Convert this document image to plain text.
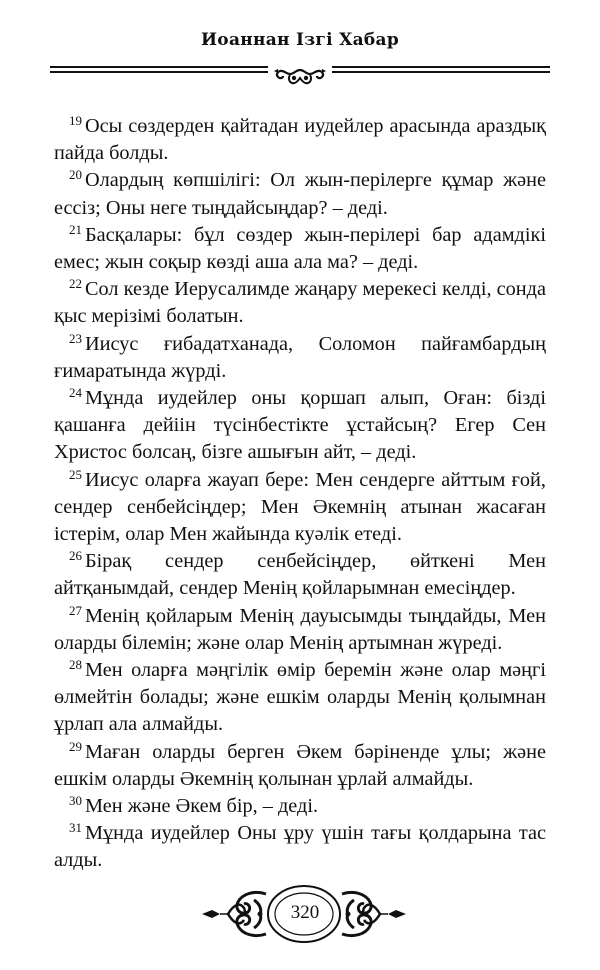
Иоаннан Ізгі Хабар

$^{19}$ Осы сөздерден қайтадан иудейлер арасында араздық пайда болды.

$^{20}$ Олардың көпшілігі: Ол жын-перілерге құмар және ессіз; Оны неге тыңдайсыңдар? – деді.

$^{21}$ Басқалары: бұл сөздер жын-перілері бар адамдікі емес; жын соқыр көзді аша ала ма? – деді.

$^{22}$ Сол кезде Иерусалимде жаңару мерекесі келді, сонда қыс мерізімі болатын.

$^{23}$ Иисус ғибадатханада, Соломон пайғамбардың ғимаратында жүрді.

$^{24}$ Мұнда иудейлер оны қоршап алып, Оған: бізді қашанға дейіін түсінбестікте ұстайсың? Егер Сен Христос болсаң, бізге ашығын айт, – деді.

$^{25}$ Иисус оларға жауап бере: Мен сендерге айттым ғой, сендер сенбейсіңдер; Мен Әкемнің атынан жасаған істерім, олар Мен жайында куәлік етеді.

$^{26}$ Бірақ сендер сенбейсіңдер, өйткені Мен айтқанымдай, сендер Менің қойларымнан емесіңдер.

$^{27}$ Менің қойларым Менің дауысымды тыңдайды, Мен оларды білемін; және олар Менің артымнан жүреді.

$^{28}$ Мен оларға мәңгілік өмір беремін және олар мәңгі өлмейтін болады; және ешкім оларды Менің қолымнан ұрлап ала алмайды.

$^{29}$ Маған оларды берген Әкем бәріненде ұлы; және ешкім оларды Әкемнің қолынан ұрлай алмайды.

$^{30}$ Мен және Әкем бір, – деді.

$^{31}$ Мұнда иудейлер Оны ұру үшін тағы қолдарына тас алды.

320
